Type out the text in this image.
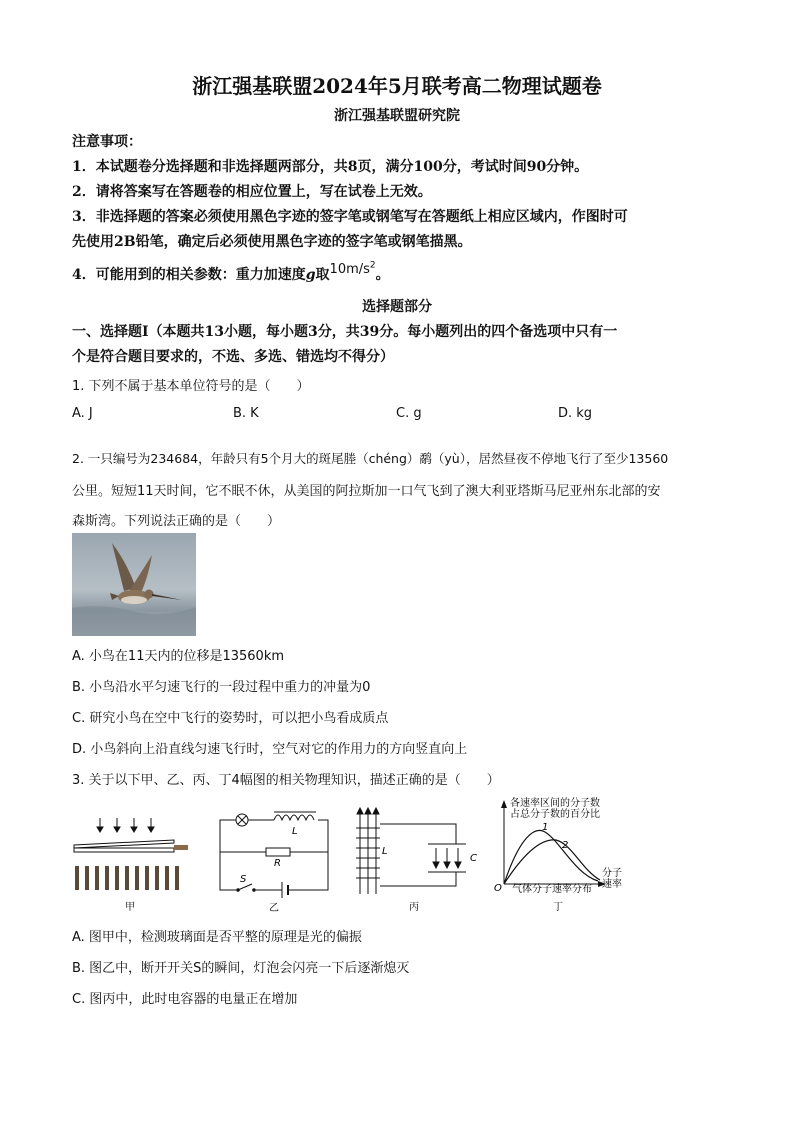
浙江强基联盟2024年5月联考高二物理试题卷
浙江强基联盟研究院
注意事项：
1．本试题卷分选择题和非选择题两部分，共8页，满分100分，考试时间90分钟。
2．请将答案写在答题卷的相应位置上，写在试卷上无效。
3．非选择题的答案必须使用黑色字迹的签字笔或钢笔写在答题纸上相应区域内，作图时可
先使用2B铅笔，确定后必须使用黑色字迹的签字笔或钢笔描黑。
4．可能用到的相关参数：重力加速度g取$10m/s^2$。
选择题部分
一、选择题Ⅰ（本题共13小题，每小题3分，共39分。每小题列出的四个备选项中只有一
个是符合题目要求的，不选、多选、错选均不得分）
1. 下列不属于基本单位符号的是（　　）
A. J	B. K	C. g	D. kg
2. 一只编号为234684，年龄只有5个月大的斑尾塍（chéng）鹬（yù），居然昼夜不停地飞行了至少13560
公里。短短11天时间，它不眠不休，从美国的阿拉斯加一口气飞到了澳大利亚塔斯马尼亚州东北部的安
森斯湾。下列说法正确的是（　　）
A. 小鸟在11天内的位移是13560km
B. 小鸟沿水平匀速飞行的一段过程中重力的冲量为0
C. 研究小鸟在空中飞行的姿势时，可以把小鸟看成质点
D. 小鸟斜向上沿直线匀速飞行时，空气对它的作用力的方向竖直向上
3. 关于以下甲、乙、丙、丁4幅图的相关物理知识，描述正确的是（　　）
甲
L
R
S
乙
L
C
丙
各速率区间的分子数
占总分子数的百分比
1
2
分子
速率
O 气体分子速率分布
丁
A. 图甲中，检测玻璃面是否平整的原理是光的偏振
B. 图乙中，断开开关S的瞬间，灯泡会闪亮一下后逐渐熄灭
C. 图丙中，此时电容器的电量正在增加
